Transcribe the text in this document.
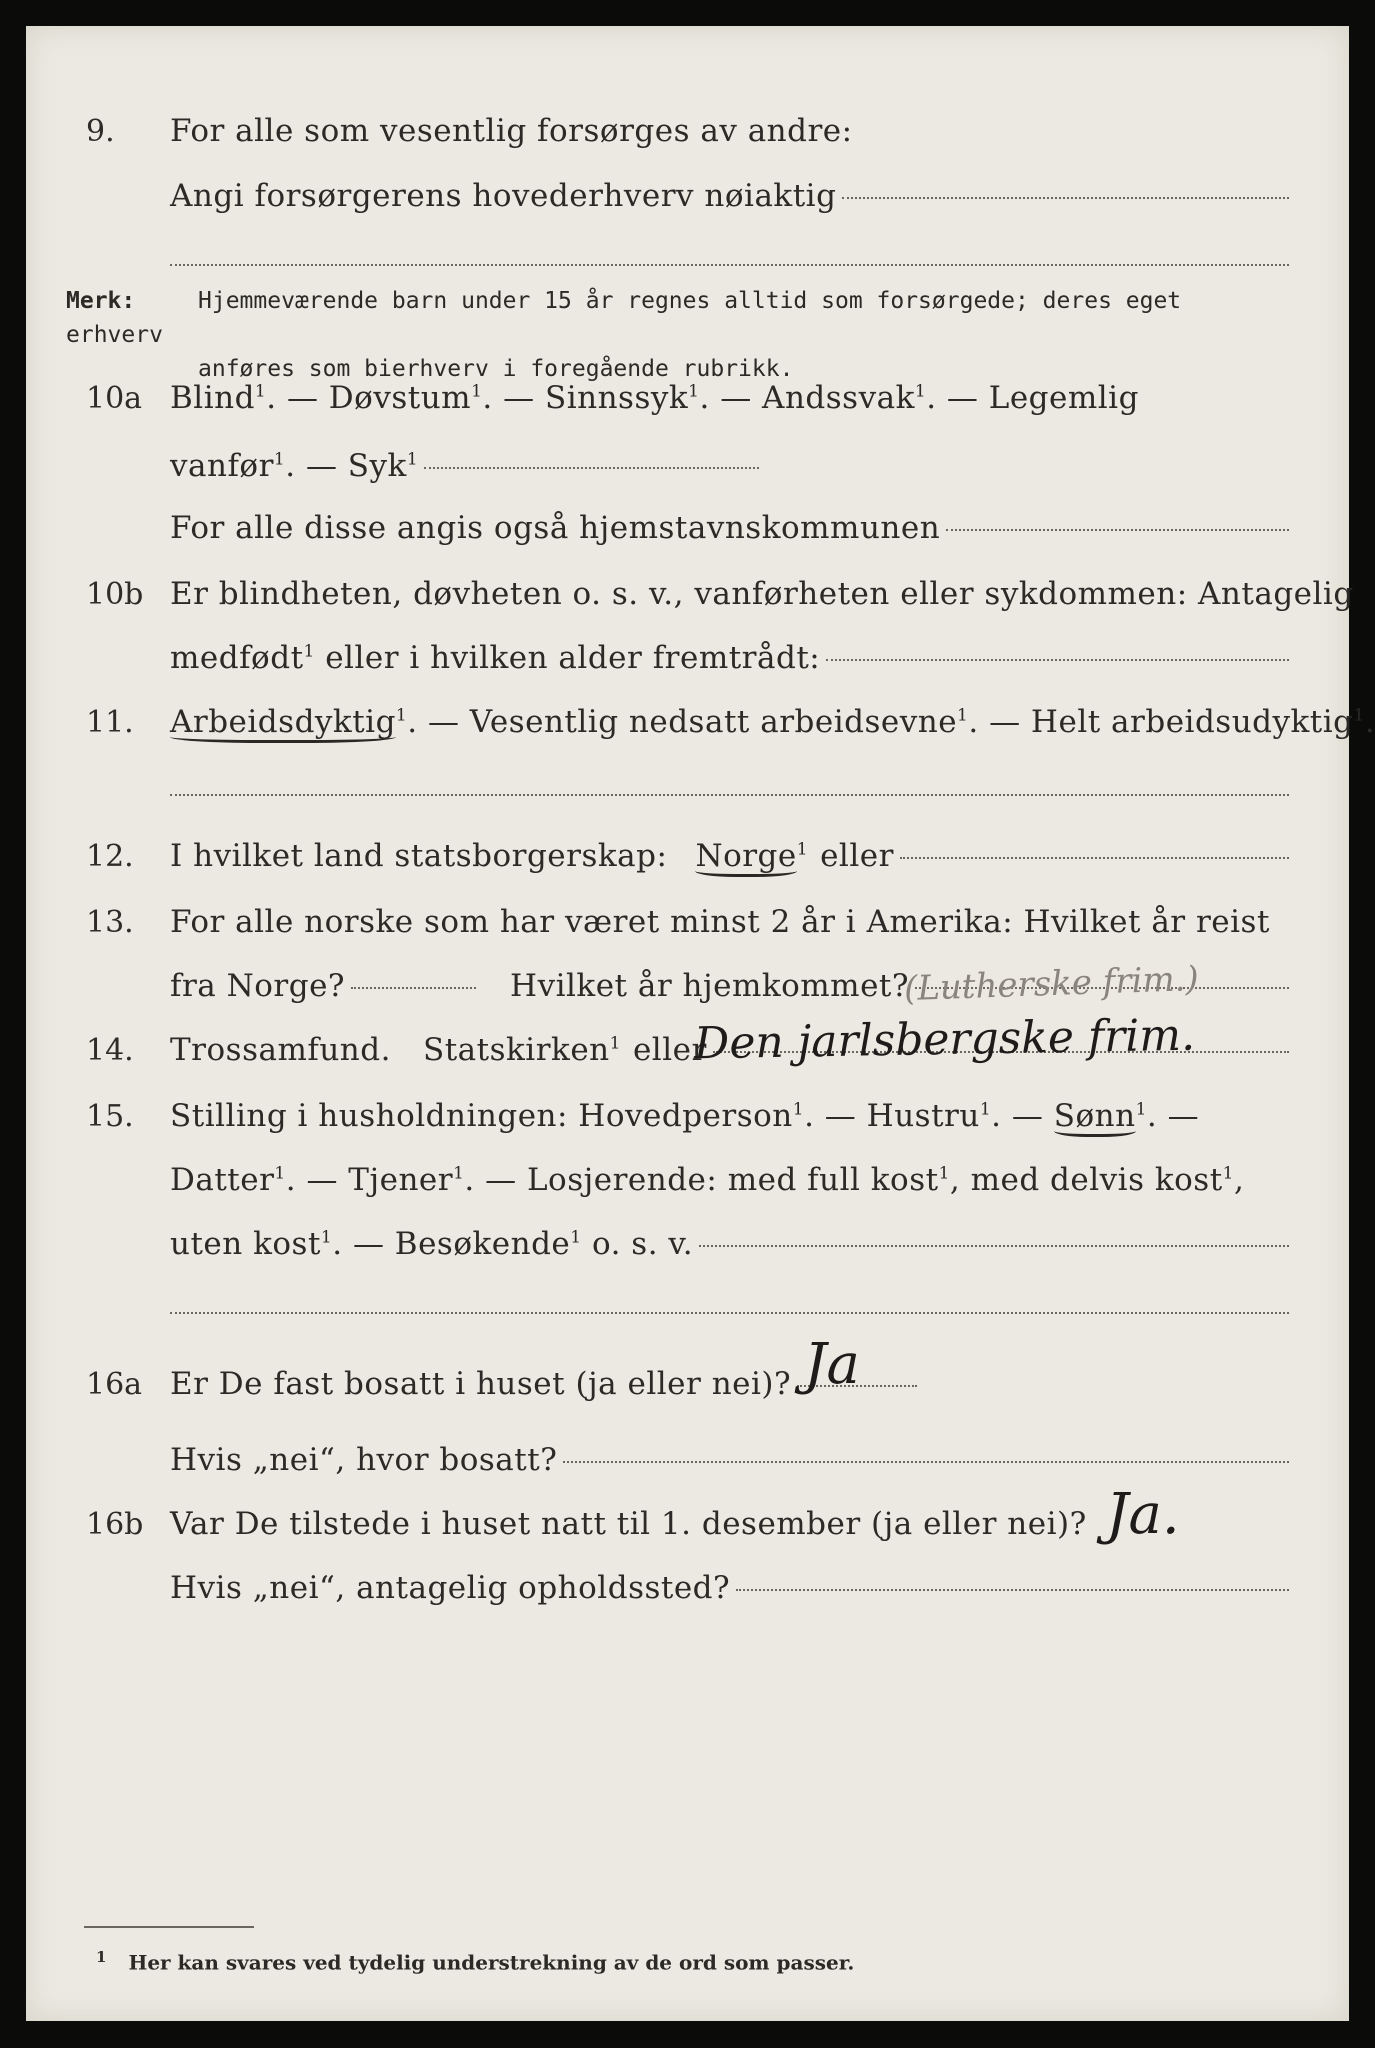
9.	For alle som vesentlig forsørges av andre:
Angi forsørgerens hovederhverv nøiaktig
Merk:	Hjemmeværende barn under 15 år regnes alltid som forsørgede; deres eget erhverv
anføres som bierhverv i foregående rubrikk.
10a Blind$^1$. — Døvstum$^1$. — Sinnssyk$^1$. — Andssvak$^1$. — Legemlig
vanfør$^1$. — Syk$^1$
For alle disse angis også hjemstavnskommunen
10b Er blindheten, døvheten o. s. v., vanførheten eller sykdommen: Antagelig
medfødt$^1$ eller i hvilken alder fremtrådt:
11.	Arbeidsdyktig$^1$. — Vesentlig nedsatt arbeidsevne$^1$. — Helt arbeidsudyktig$^1$.
12.	I hvilket land statsborgerskap: Norge$^1$ eller
13.	For alle norske som har været minst 2 år i Amerika: Hvilket år reist
fra Norge?	Hvilket år hjemkommet?
(Lutherske frim.)
14.	Trossamfund. Statskirken$^1$ eller
Den jarlsbergske frim.
15.	Stilling i husholdningen: Hovedperson$^1$. — Hustru$^1$. — Sønn$^1$. —
Datter$^1$. — Tjener$^1$. — Losjerende: med full kost$^1$, med delvis kost$^1$,
uten kost$^1$. — Besøkende$^1$ o. s. v.
16a Er De fast bosatt i huset (ja eller nei)? Ja
Hvis „nei“, hvor bosatt?
16b Var De tilstede i huset natt til 1. desember (ja eller nei)? Ja.
Hvis „nei“, antagelig opholdssted?
$^1$ Her kan svares ved tydelig understrekning av de ord som passer.
